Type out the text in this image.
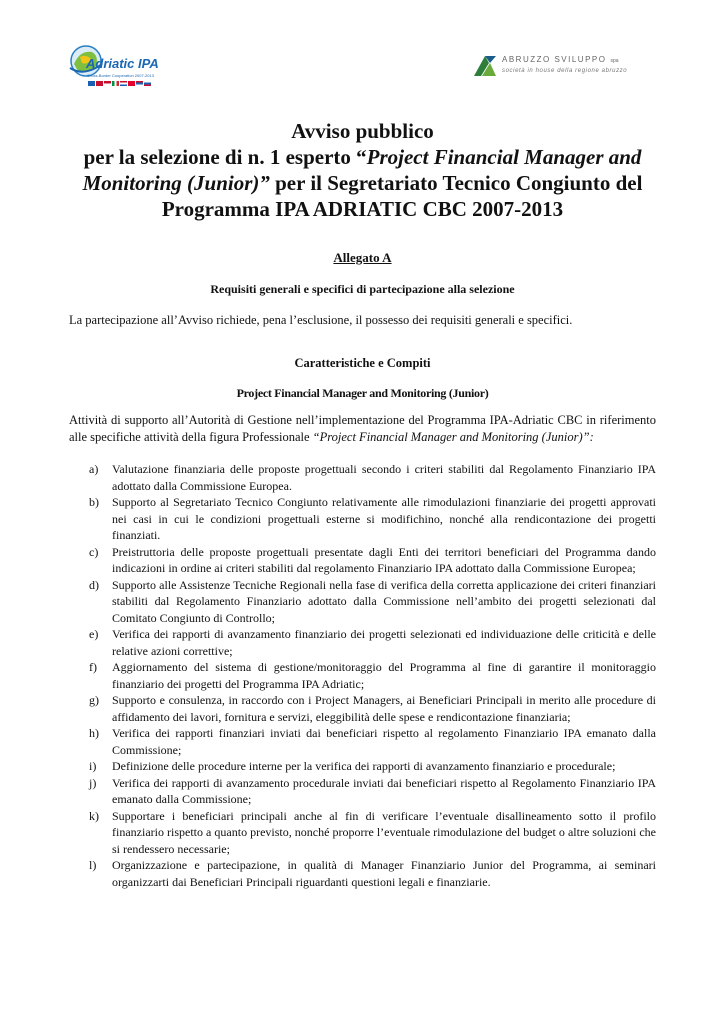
Adriatic IPA
Cross-Border Cooperation 2007-2013
ABRUZZO SVILUPPO spa
società in house della regione abruzzo
Avviso pubblico
per la selezione di n. 1 esperto “Project Financial Manager and
Monitoring (Junior)” per il Segretariato Tecnico Congiunto del
Programma IPA ADRIATIC CBC 2007-2013
Allegato A
Requisiti generali e specifici di partecipazione alla selezione
La partecipazione all’Avviso richiede, pena l’esclusione, il possesso dei requisiti generali e specifici.
Caratteristiche e Compiti
Project Financial Manager and Monitoring (Junior)
Attività di supporto all’Autorità di Gestione nell’implementazione del Programma IPA-Adriatic CBC in riferimento alle specifiche attività della figura Professionale “Project Financial Manager and Monitoring (Junior)”:
a) Valutazione finanziaria delle proposte progettuali secondo i criteri stabiliti dal Regolamento Finanziario IPA adottato dalla Commissione Europea.
b) Supporto al Segretariato Tecnico Congiunto relativamente alle rimodulazioni finanziarie dei progetti approvati nei casi in cui le condizioni progettuali esterne si modifichino, nonché alla rendicontazione dei progetti finanziati.
c) Preistruttoria delle proposte progettuali presentate dagli Enti dei territori beneficiari del Programma dando indicazioni in ordine ai criteri stabiliti dal regolamento Finanziario IPA adottato dalla Commissione Europea;
d) Supporto alle Assistenze Tecniche Regionali nella fase di verifica della corretta applicazione dei criteri finanziari stabiliti dal Regolamento Finanziario adottato dalla Commissione nell’ambito dei progetti selezionati dal Comitato Congiunto di Controllo;
e) Verifica dei rapporti di avanzamento finanziario dei progetti selezionati ed individuazione delle criticità e delle relative azioni correttive;
f) Aggiornamento del sistema di gestione/monitoraggio del Programma al fine di garantire il monitoraggio finanziario dei progetti del Programma IPA Adriatic;
g) Supporto e consulenza, in raccordo con i Project Managers, ai Beneficiari Principali in merito alle procedure di affidamento dei lavori, fornitura e servizi, eleggibilità delle spese e rendicontazione finanziaria;
h) Verifica dei rapporti finanziari inviati dai beneficiari rispetto al regolamento Finanziario IPA emanato dalla Commissione;
i) Definizione delle procedure interne per la verifica dei rapporti di avanzamento finanziario e procedurale;
j) Verifica dei rapporti di avanzamento procedurale inviati dai beneficiari rispetto al Regolamento Finanziario IPA emanato dalla Commissione;
k) Supportare i beneficiari principali anche al fin di verificare l’eventuale disallineamento sotto il profilo finanziario rispetto a quanto previsto, nonché proporre l’eventuale rimodulazione del budget o altre soluzioni che si rendessero necessarie;
l) Organizzazione e partecipazione, in qualità di Manager Finanziario Junior del Programma, ai seminari organizzarti dai Beneficiari Principali riguardanti questioni legali e finanziarie.
